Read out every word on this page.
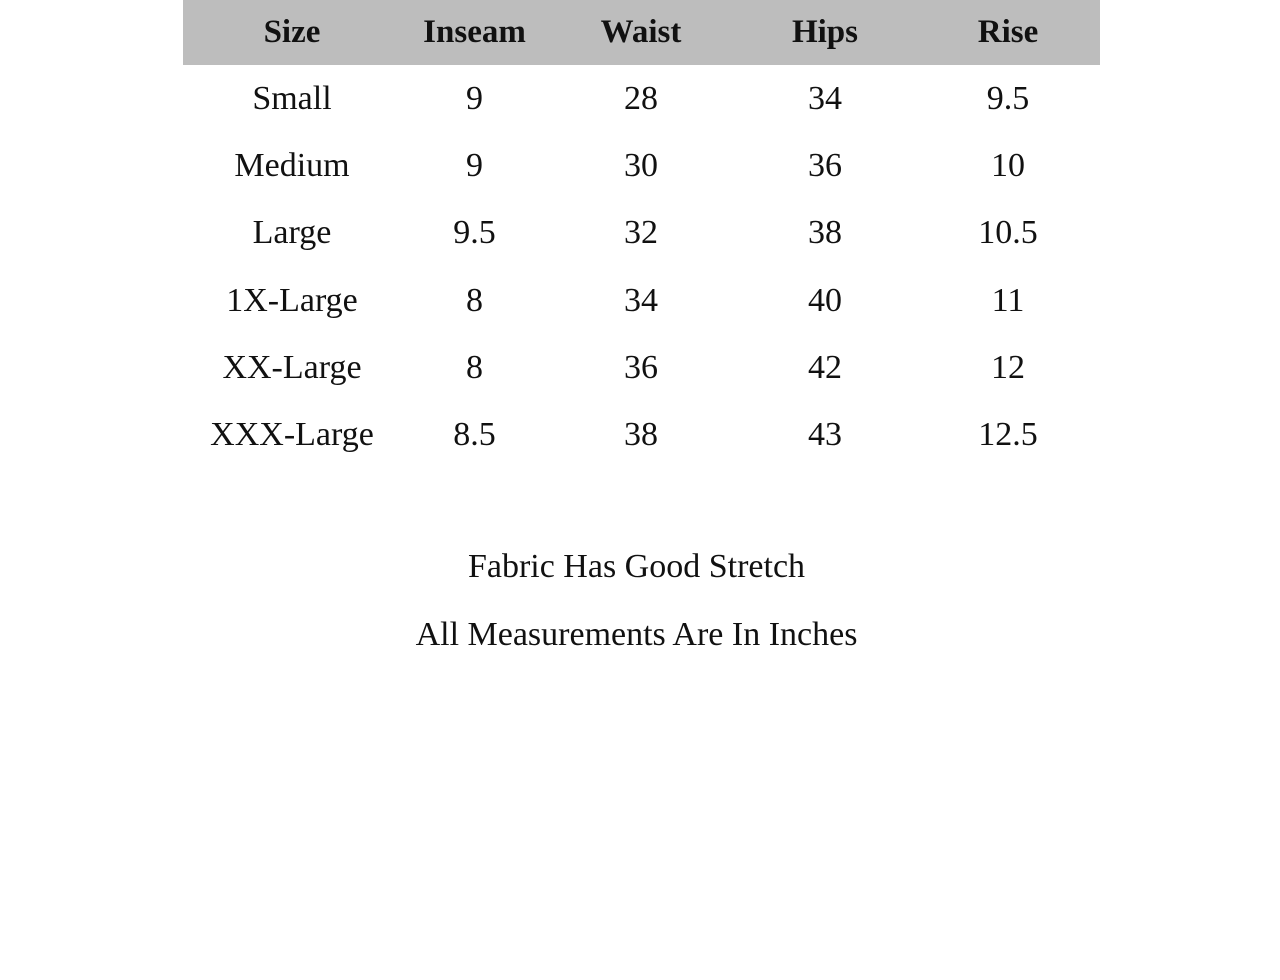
Size	Inseam	Waist	Hips	Rise
Small	9	28	34	9.5
Medium	9	30	36	10
Large	9.5	32	38	10.5
1X-Large	8	34	40	11
XX-Large	8	36	42	12
XXX-Large	8.5	38	43	12.5

Fabric Has Good Stretch

All Measurements Are In Inches
